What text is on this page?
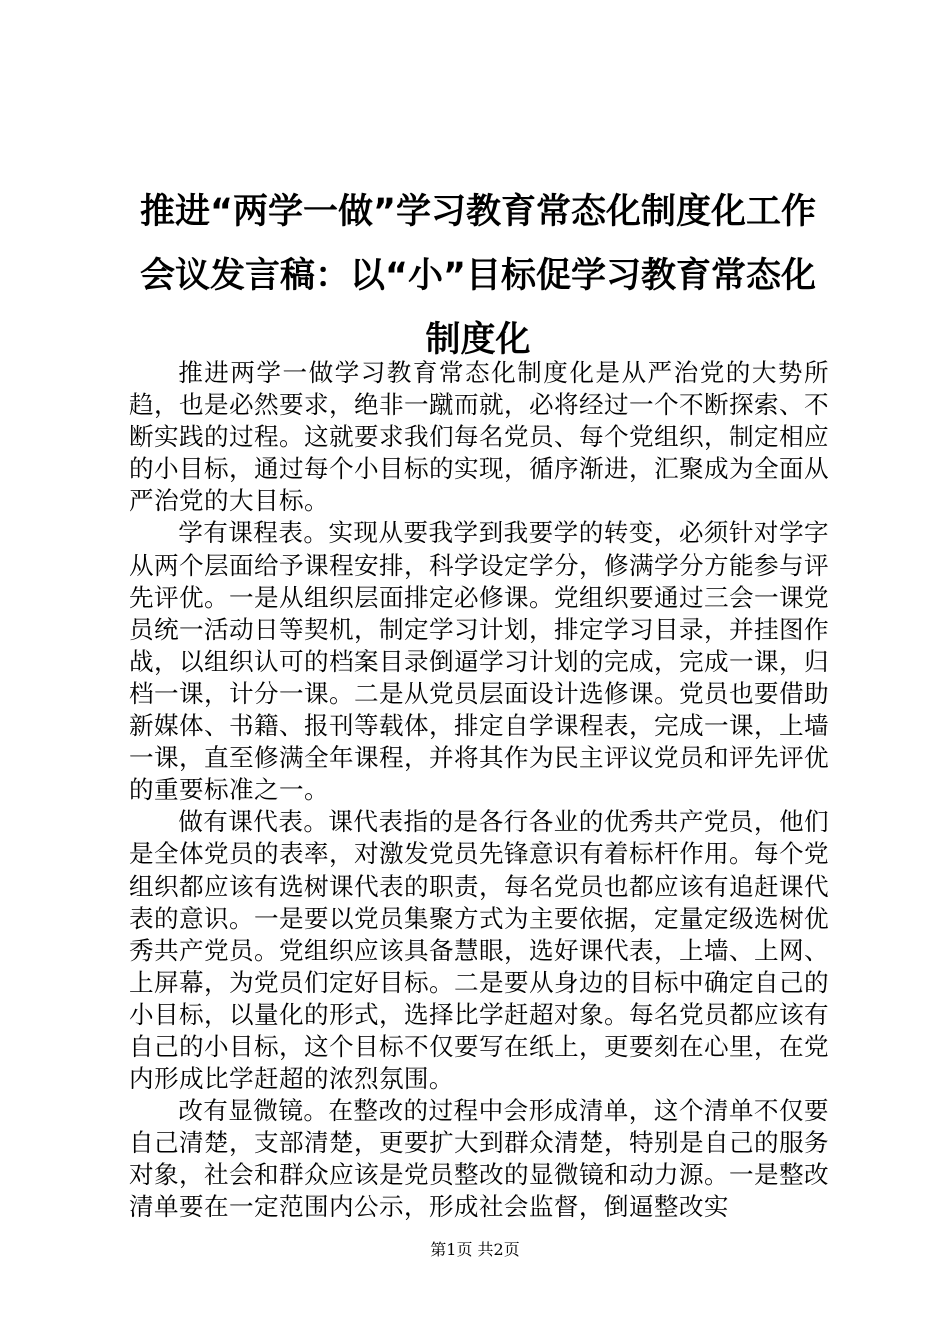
推进“两学一做”学习教育常态化制度化工作会议发言稿：以“小”目标促学习教育常态化制度化

推进两学一做学习教育常态化制度化是从严治党的大势所趋，也是必然要求，绝非一蹴而就，必将经过一个不断探索、不断实践的过程。这就要求我们每名党员、每个党组织，制定相应的小目标，通过每个小目标的实现，循序渐进，汇聚成为全面从严治党的大目标。

学有课程表。实现从要我学到我要学的转变，必须针对学字从两个层面给予课程安排，科学设定学分，修满学分方能参与评先评优。一是从组织层面排定必修课。党组织要通过三会一课党员统一活动日等契机，制定学习计划，排定学习目录，并挂图作战，以组织认可的档案目录倒逼学习计划的完成，完成一课，归档一课，计分一课。二是从党员层面设计选修课。党员也要借助新媒体、书籍、报刊等载体，排定自学课程表，完成一课，上墙一课，直至修满全年课程，并将其作为民主评议党员和评先评优的重要标准之一。

做有课代表。课代表指的是各行各业的优秀共产党员，他们是全体党员的表率，对激发党员先锋意识有着标杆作用。每个党组织都应该有选树课代表的职责，每名党员也都应该有追赶课代表的意识。一是要以党员集聚方式为主要依据，定量定级选树优秀共产党员。党组织应该具备慧眼，选好课代表，上墙、上网、上屏幕，为党员们定好目标。二是要从身边的目标中确定自己的小目标，以量化的形式，选择比学赶超对象。每名党员都应该有自己的小目标，这个目标不仅要写在纸上，更要刻在心里，在党内形成比学赶超的浓烈氛围。

改有显微镜。在整改的过程中会形成清单，这个清单不仅要自己清楚，支部清楚，更要扩大到群众清楚，特别是自己的服务对象，社会和群众应该是党员整改的显微镜和动力源。一是整改清单要在一定范围内公示，形成社会监督，倒逼整改实

第1页 共2页
